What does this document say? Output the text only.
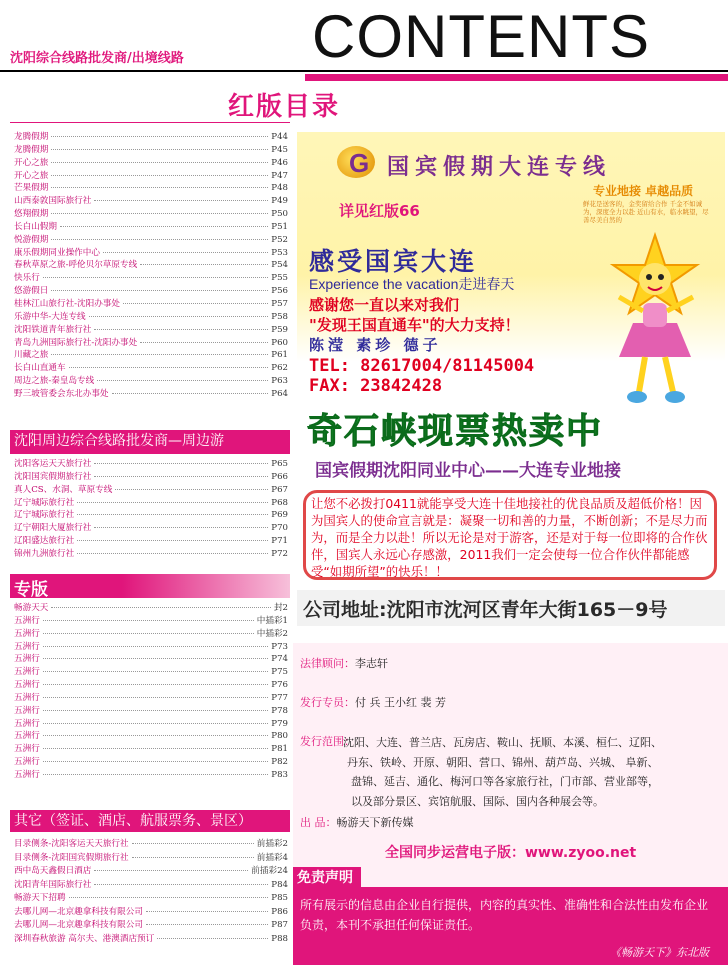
沈阳综合线路批发商/出境线路 CONTENTS
红版目录
龙腾假期	P44
龙腾假期	P45
开心之旅	P46
开心之旅	P47
芒果假期	P48
山西泰敦国际旅行社	P49
悠翔假期	P50
长白山假期	P51
悦游假期	P52
康乐假期同业操作中心	P53
春秋草原之旅-呼伦贝尔草原专线	P54
快乐行	P55
悠游假日	P56
桂林江山旅行社-沈阳办事处	P57
乐游中华-大连专线	P58
沈阳铁道青年旅行社	P59
青岛九洲国际旅行社-沈阳办事处	P60
川藏之旅	P61
长白山直通车	P62
周边之旅-秦皇岛专线	P63
野三坡管委会东北办事处	P64
沈阳周边综合线路批发商—周边游
沈阳客运天天旅行社	P65
沈阳国宾假期旅行社	P66
真人CS、水洞、草原专线	P67
辽宁城际旅行社	P68
辽宁城际旅行社	P69
辽宁朝阳大厦旅行社	P70
辽阳盛达旅行社	P71
锦州九洲旅行社	P72
专版
畅游天天	封2
五洲行	中插彩1
五洲行	中插彩2
五洲行	P73
五洲行	P74
五洲行	P75
五洲行	P76
五洲行	P77
五洲行	P78
五洲行	P79
五洲行	P80
五洲行	P81
五洲行	P82
五洲行	P83
其它（签证、酒店、航服票务、景区）
目录侧条-沈阳客运天天旅行社	前插彩2
目录侧条-沈阳国宾假期旅行社	前插彩4
西中岛天鑫假日酒店	前插彩24
沈阳青年国际旅行社	P84
畅游天下招聘	P85
去哪儿网—北京趣拿科技有限公司	P86
去哪儿网—北京趣拿科技有限公司	P87
深圳春秋旅游 高尔夫、港澳酒店预订	P88
G 国宾假期大连专线
专业地接 卓越品质
鲜花是送客的，金奖留给合作 千金不如诚为，深度全力以赴 近山有水，临水眺望，尽善尽美自然的
详见红版66
感受国宾大连
Experience the vacation走进春天
感谢您一直以来对我们
"发现王国直通车"的大力支持！
陈滢 素珍 德子
TEL: 82617004/81145004
FAX: 23842428
奇石峡现票热卖中
国宾假期沈阳同业中心——大连专业地接
让您不必拨打0411就能享受大连十佳地接社的优良品质及超低价格！因为国宾人的使命宣言就是：凝聚一切和善的力量，不断创新；不是尽力而为，而是全力以赴！所以无论是对于游客，还是对于每一位即将的合作伙伴，国宾人永远心存感激，2011我们一定会使每一位合作伙伴都能感受“如期所望”的快乐！！
公司地址:沈阳市沈河区青年大街165－9号
法律顾问：李志轩
发行专员：付 兵 王小红 裴 芳
发行范围：
沈阳、大连、普兰店、瓦房店、鞍山、抚顺、本溪、桓仁、辽阳、
丹东、铁岭、开原、朝阳、营口、锦州、葫芦岛、兴城、 阜新、
盘锦、延吉、通化、梅河口等各家旅行社，门市部、营业部等，
以及部分景区、宾馆航服、国际、国内各种展会等。
出 品：畅游天下新传媒
全国同步运营电子版：www.zyoo.net
免责声明
所有展示的信息由企业自行提供，内容的真实性、准确性和合法性由发布企业负责，本刊不承担任何保证责任。
《畅游天下》东北版
